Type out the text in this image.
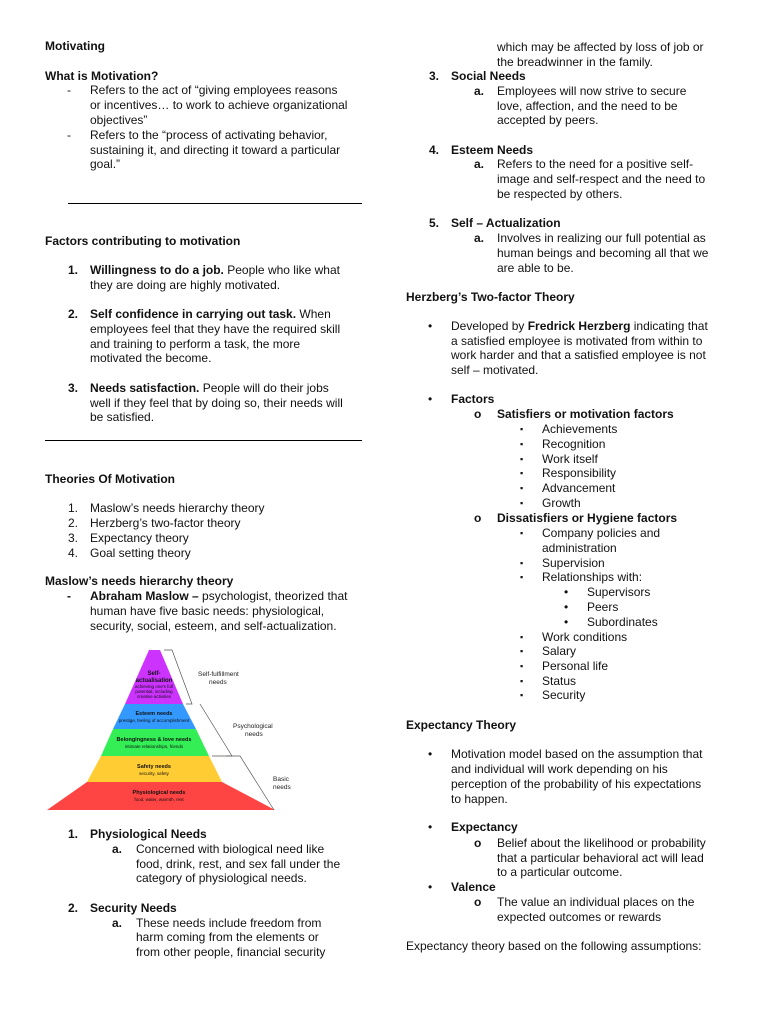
Motivating
What is Motivation?
- Refers to the act of “giving employees reasons
or incentives… to work to achieve organizational
objectives”
- Refers to the “process of activating behavior,
sustaining it, and directing it toward a particular
goal.”
Factors contributing to motivation
1. Willingness to do a job. People who like what
they are doing are highly motivated.
2. Self confidence in carrying out task. When
employees feel that they have the required skill
and training to perform a task, the more
motivated the become.
3. Needs satisfaction. People will do their jobs
well if they feel that by doing so, their needs will
be satisfied.
Theories Of Motivation
1. Maslow’s needs hierarchy theory
2. Herzberg’s two-factor theory
3. Expectancy theory
4. Goal setting theory
Maslow’s needs hierarchy theory
- Abraham Maslow – psychologist, theorized that
human have five basic needs: physiological,
security, social, esteem, and self-actualization.
Self-
actualisation
achieving one's full
potential, including
creative activities
Esteem needs
prestige, feeling of accomplishment
Belongingness & love needs
intimate relationships, friends
Safety needs
security, safety
Physiological needs
food, water, warmth, rest
Self-fulfillment
needs
Psychological
needs
Basic
needs
1. Physiological Needs
a. Concerned with biological need like
food, drink, rest, and sex fall under the
category of physiological needs.
2. Security Needs
a. These needs include freedom from
harm coming from the elements or
from other people, financial security
which may be affected by loss of job or
the breadwinner in the family.
3. Social Needs
a. Employees will now strive to secure
love, affection, and the need to be
accepted by peers.
4. Esteem Needs
a. Refers to the need for a positive self-
image and self-respect and the need to
be respected by others.
5. Self – Actualization
a. Involves in realizing our full potential as
human beings and becoming all that we
are able to be.
Herzberg’s Two-factor Theory
• Developed by Fredrick Herzberg indicating that
a satisfied employee is motivated from within to
work harder and that a satisfied employee is not
self – motivated.
• Factors
o Satisfiers or motivation factors
▪ Achievements
▪ Recognition
▪ Work itself
▪ Responsibility
▪ Advancement
▪ Growth
o Dissatisfiers or Hygiene factors
▪ Company policies and
administration
▪ Supervision
▪ Relationships with:
• Supervisors
• Peers
• Subordinates
▪ Work conditions
▪ Salary
▪ Personal life
▪ Status
▪ Security
Expectancy Theory
• Motivation model based on the assumption that
and individual will work depending on his
perception of the probability of his expectations
to happen.
• Expectancy
o Belief about the likelihood or probability
that a particular behavioral act will lead
to a particular outcome.
• Valence
o The value an individual places on the
expected outcomes or rewards
Expectancy theory based on the following assumptions:
